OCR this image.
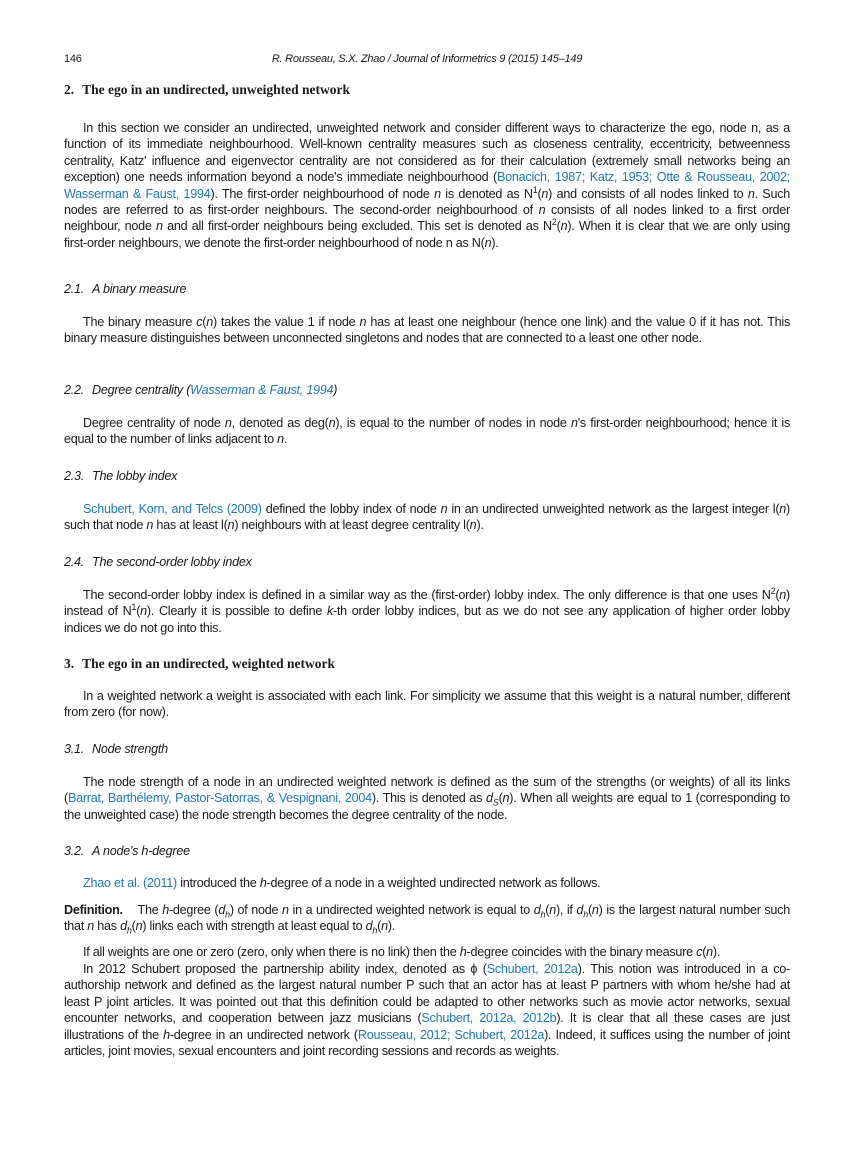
146	R. Rousseau, S.X. Zhao / Journal of Informetrics 9 (2015) 145–149
2. The ego in an undirected, unweighted network
In this section we consider an undirected, unweighted network and consider different ways to characterize the ego, node n, as a function of its immediate neighbourhood. Well-known centrality measures such as closeness centrality, eccentricity, betweenness centrality, Katz' influence and eigenvector centrality are not considered as for their calculation (extremely small networks being an exception) one needs information beyond a node's immediate neighbourhood (Bonacich, 1987; Katz, 1953; Otte & Rousseau, 2002; Wasserman & Faust, 1994). The first-order neighbourhood of node n is denoted as $N^1(n)$ and consists of all nodes linked to n. Such nodes are referred to as first-order neighbours. The second-order neighbourhood of n consists of all nodes linked to a first order neighbour, node n and all first-order neighbours being excluded. This set is denoted as $N^2(n)$. When it is clear that we are only using first-order neighbours, we denote the first-order neighbourhood of node n as N(n).
2.1. A binary measure
The binary measure c(n) takes the value 1 if node n has at least one neighbour (hence one link) and the value 0 if it has not. This binary measure distinguishes between unconnected singletons and nodes that are connected to a least one other node.
2.2. Degree centrality (Wasserman & Faust, 1994)
Degree centrality of node n, denoted as deg(n), is equal to the number of nodes in node n's first-order neighbourhood; hence it is equal to the number of links adjacent to n.
2.3. The lobby index
Schubert, Korn, and Telcs (2009) defined the lobby index of node n in an undirected unweighted network as the largest integer l(n) such that node n has at least l(n) neighbours with at least degree centrality l(n).
2.4. The second-order lobby index
The second-order lobby index is defined in a similar way as the (first-order) lobby index. The only difference is that one uses $N^2(n)$ instead of $N^1(n)$. Clearly it is possible to define k-th order lobby indices, but as we do not see any application of higher order lobby indices we do not go into this.
3. The ego in an undirected, weighted network
In a weighted network a weight is associated with each link. For simplicity we assume that this weight is a natural number, different from zero (for now).
3.1. Node strength
The node strength of a node in an undirected weighted network is defined as the sum of the strengths (or weights) of all its links (Barrat, Barthélemy, Pastor-Satorras, & Vespignani, 2004). This is denoted as $d_S(n)$. When all weights are equal to 1 (corresponding to the unweighted case) the node strength becomes the degree centrality of the node.
3.2. A node's h-degree
Zhao et al. (2011) introduced the h-degree of a node in a weighted undirected network as follows.
Definition.    The h-degree $(d_h)$ of node n in a undirected weighted network is equal to $d_h(n)$, if $d_h(n)$ is the largest natural number such that n has $d_h(n)$ links each with strength at least equal to $d_h(n)$.
If all weights are one or zero (zero, only when there is no link) then the h-degree coincides with the binary measure c(n).
In 2012 Schubert proposed the partnership ability index, denoted as ϕ (Schubert, 2012a). This notion was introduced in a co-authorship network and defined as the largest natural number P such that an actor has at least P partners with whom he/she had at least P joint articles. It was pointed out that this definition could be adapted to other networks such as movie actor networks, sexual encounter networks, and cooperation between jazz musicians (Schubert, 2012a, 2012b). It is clear that all these cases are just illustrations of the h-degree in an undirected network (Rousseau, 2012; Schubert, 2012a). Indeed, it suffices using the number of joint articles, joint movies, sexual encounters and joint recording sessions and records as weights.
